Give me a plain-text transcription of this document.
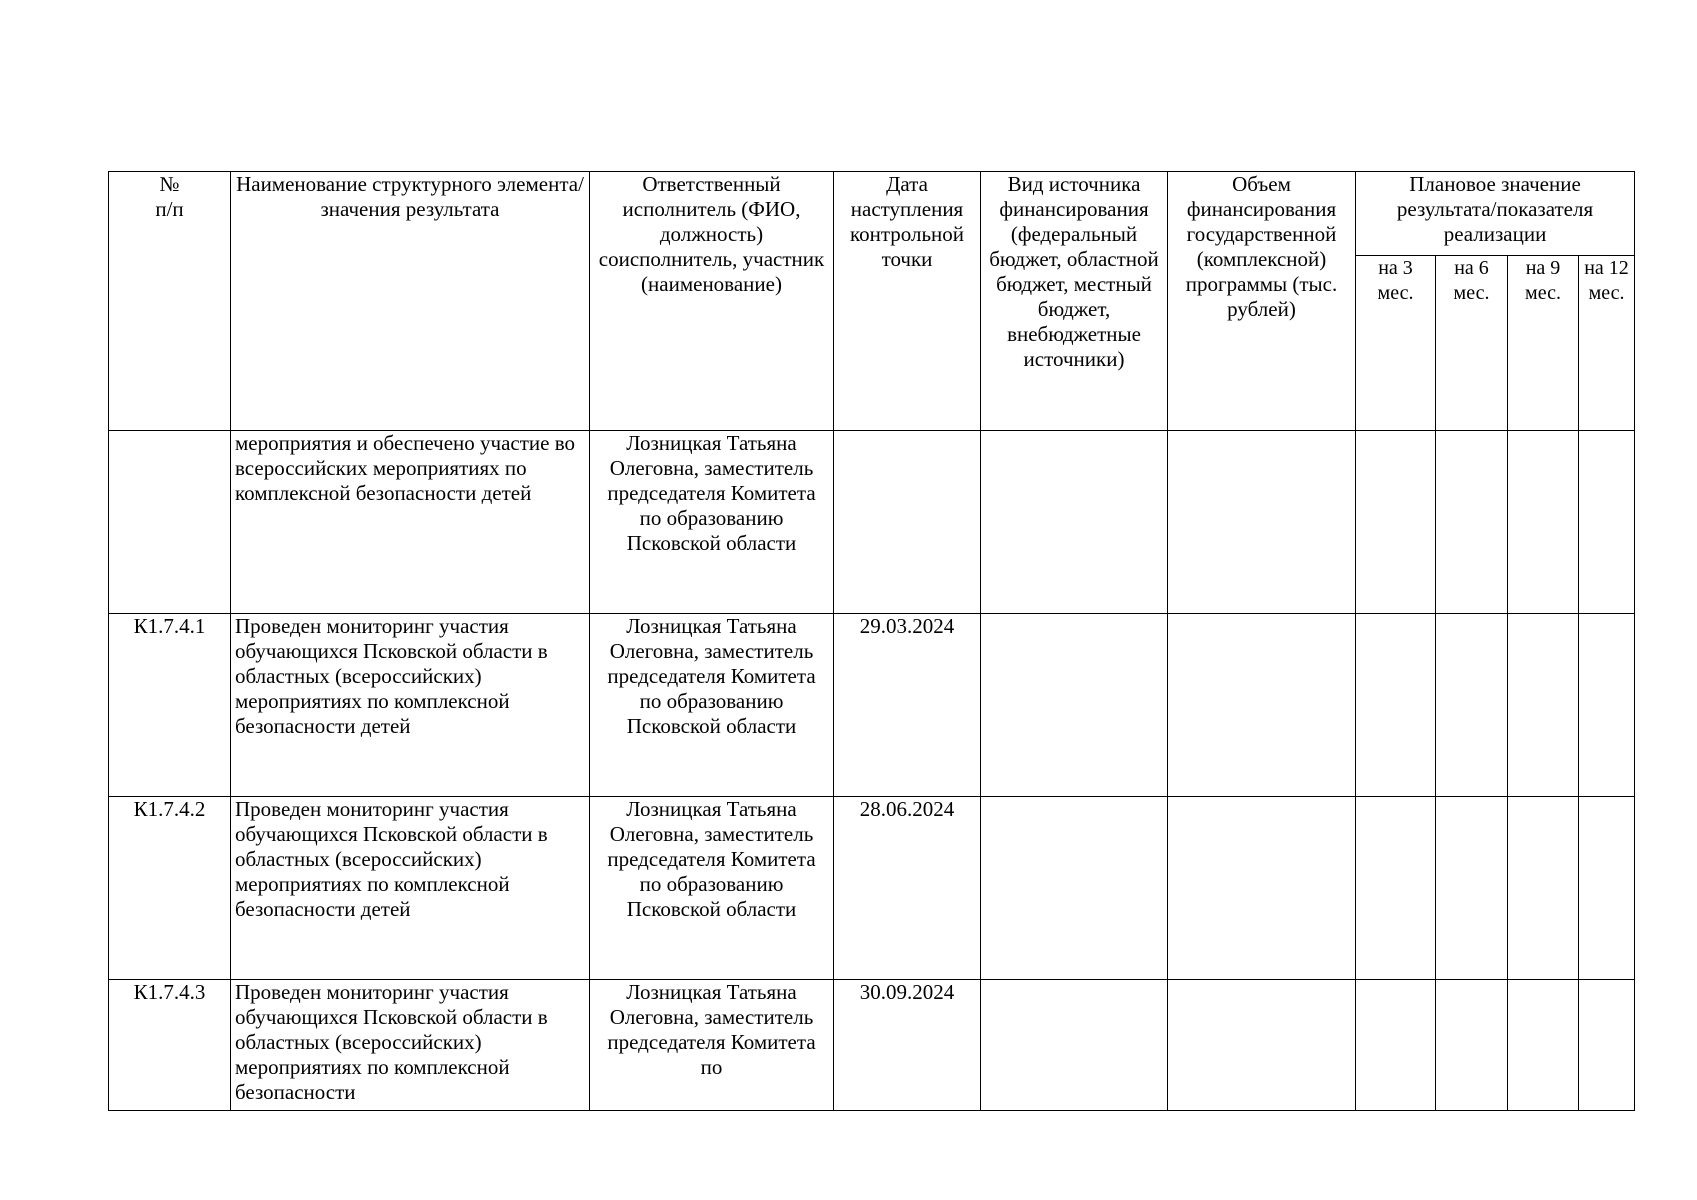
№
п/п	Наименование структурного элемента/ значения результата	Ответственный исполнитель (ФИО, должность) соисполнитель, участник (наименование)	Дата наступления контрольной точки	Вид источника финансирования (федеральный бюджет, областной бюджет, местный бюджет, внебюджетные источники)	Объем финансирования государственной (комплексной) программы (тыс. рублей)	Плановое значение результата/показателя реализации			
						на 3 мес.	на 6 мес.	на 9 мес.	на 12 мес.
	мероприятия и обеспечено участие во всероссийских мероприятиях по комплексной безопасности детей	Лозницкая Татьяна Олеговна, заместитель председателя Комитета по образованию Псковской области							
К1.7.4.1	Проведен мониторинг участия обучающихся Псковской области в областных (всероссийских) мероприятиях по комплексной безопасности детей	Лозницкая Татьяна Олеговна, заместитель председателя Комитета по образованию Псковской области	29.03.2024						
К1.7.4.2	Проведен мониторинг участия обучающихся Псковской области в областных (всероссийских) мероприятиях по комплексной безопасности детей	Лозницкая Татьяна Олеговна, заместитель председателя Комитета по образованию Псковской области	28.06.2024						
К1.7.4.3	Проведен мониторинг участия обучающихся Псковской области в областных (всероссийских) мероприятиях по комплексной безопасности	Лозницкая Татьяна Олеговна, заместитель председателя Комитета по	30.09.2024						
